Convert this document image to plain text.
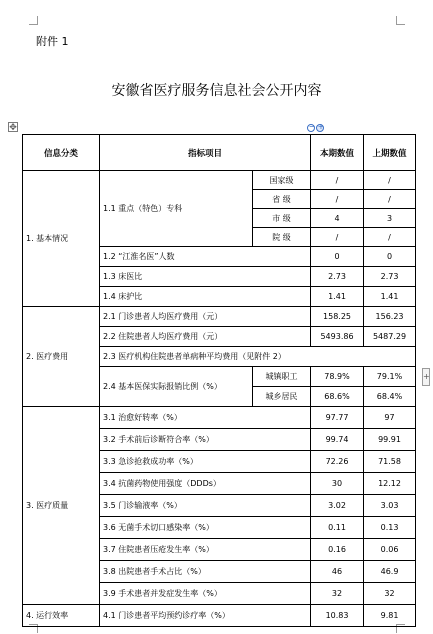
附件 1
安徽省医疗服务信息社会公开内容
✥	− +
+
信息分类	指标项目		本期数值	上期数值
1. 基本情况	1.1 重点（特色）专科	国家级	/	/
		省 级	/	/
		市 级	4	3
		院 级	/	/
	1.2 “江淮名医”人数		0	0
	1.3 床医比		2.73	2.73
	1.4 床护比		1.41	1.41
2. 医疗费用	2.1 门诊患者人均医疗费用（元）		158.25	156.23
	2.2 住院患者人均医疗费用（元）		5493.86	5487.29
	2.3 医疗机构住院患者单病种平均费用（见附件 2）			
	2.4 基本医保实际报销比例（%）	城镇职工	78.9%	79.1%
		城乡居民	68.6%	68.4%
3. 医疗质量	3.1 治愈好转率（%）		97.77	97
	3.2 手术前后诊断符合率（%）		99.74	99.91
	3.3 急诊抢救成功率（%）		72.26	71.58
	3.4 抗菌药物使用强度（DDDs）		30	12.12
	3.5 门诊输液率（%）		3.02	3.03
	3.6 无菌手术切口感染率（%）		0.11	0.13
	3.7 住院患者压疮发生率（%）		0.16	0.06
	3.8 出院患者手术占比（%）		46	46.9
	3.9 手术患者并发症发生率（%）		32	32
4. 运行效率	4.1 门诊患者平均预约诊疗率（%）		10.83	9.81
